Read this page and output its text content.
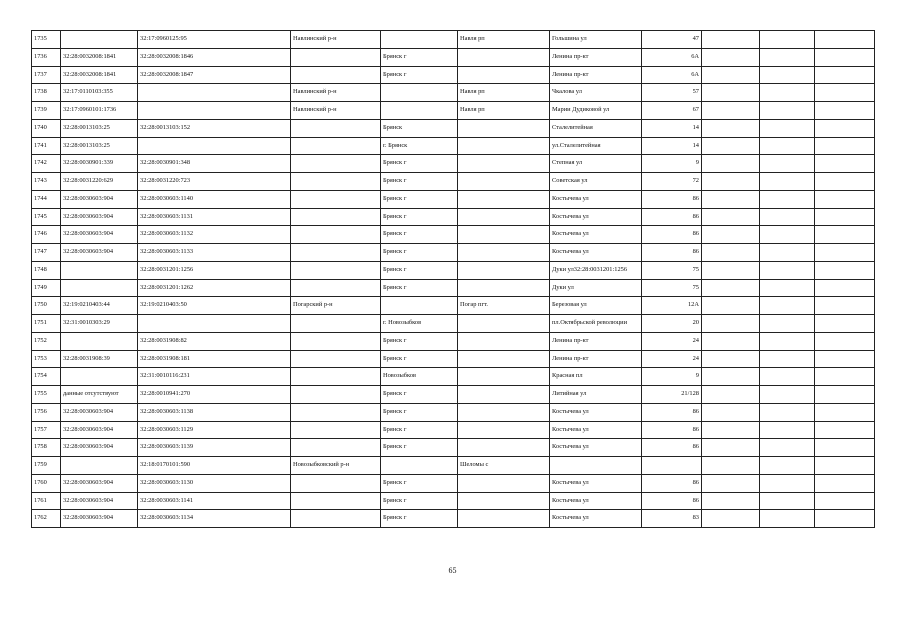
1735		32:17:0960125:95	Навлинский р-н		Навля рп	Гольшина ул	47			
1736	32:28:0032008:1841	32:28:0032008:1846		Брянск г		Ленина пр-кт	6А			
1737	32:28:0032008:1841	32:28:0032008:1847		Брянск г		Ленина пр-кт	6А			
1738	32:17:0110103:355		Навлинский р-н		Навля рп	Чкалова ул	57			
1739	32:17:0960101:1736		Навлинский р-н		Навля рп	Марии Дудиковой ул	67			
1740	32:28:0013103:25	32:28:0013103:152		Брянск		Сталелитейная	14			
1741	32:28:0013103:25			г. Брянск		ул.Сталелитейная	14			
1742	32:28:0030901:339	32:28:0030901:348		Брянск г		Степная ул	9			
1743	32:28:0031220:629	32:28:0031220:723		Брянск г		Советская ул	72			
1744	32:28:0030603:904	32:28:0030603:1140		Брянск г		Костычева ул	86			
1745	32:28:0030603:904	32:28:0030603:1131		Брянск г		Костычева ул	86			
1746	32:28:0030603:904	32:28:0030603:1132		Брянск г		Костычева ул	86			
1747	32:28:0030603:904	32:28:0030603:1133		Брянск г		Костычева ул	86			
1748		32:28:0031201:1256		Брянск г		Дуки ул32:28:0031201:1256	75			
1749		32:28:0031201:1262		Брянск г		Дуки ул	75			
1750	32:19:0210403:44	32:19:0210403:50	Погарский р-н		Погар пгт.	Березовая ул	12А			
1751	32:31:0010303:29			г. Новозыбков		пл.Октябрьской революции	20			
1752		32:28:0031908:82		Брянск г		Ленина пр-кт	24			
1753	32:28:0031908:39	32:28:0031908:181		Брянск г		Ленина пр-кт	24			
1754		32:31:0010116:231		Новозыбков		Красная пл	9			
1755	данные отсутствуют	32:28:0010941:270		Брянск г		Литийная ул	21/128			
1756	32:28:0030603:904	32:28:0030603:1138		Брянск г		Костычева ул	86			
1757	32:28:0030603:904	32:28:0030603:1129		Брянск г		Костычева ул	86			
1758	32:28:0030603:904	32:28:0030603:1139		Брянск г		Костычева ул	86			
1759		32:18:0170101:590	Новозыбковский р-н		Шеломы с					
1760	32:28:0030603:904	32:28:0030603:1130		Брянск г		Костычева ул	86			
1761	32:28:0030603:904	32:28:0030603:1141		Брянск г		Костычева ул	86			
1762	32:28:0030603:904	32:28:0030603:1134		Брянск г		Костычева ул	83			
65
